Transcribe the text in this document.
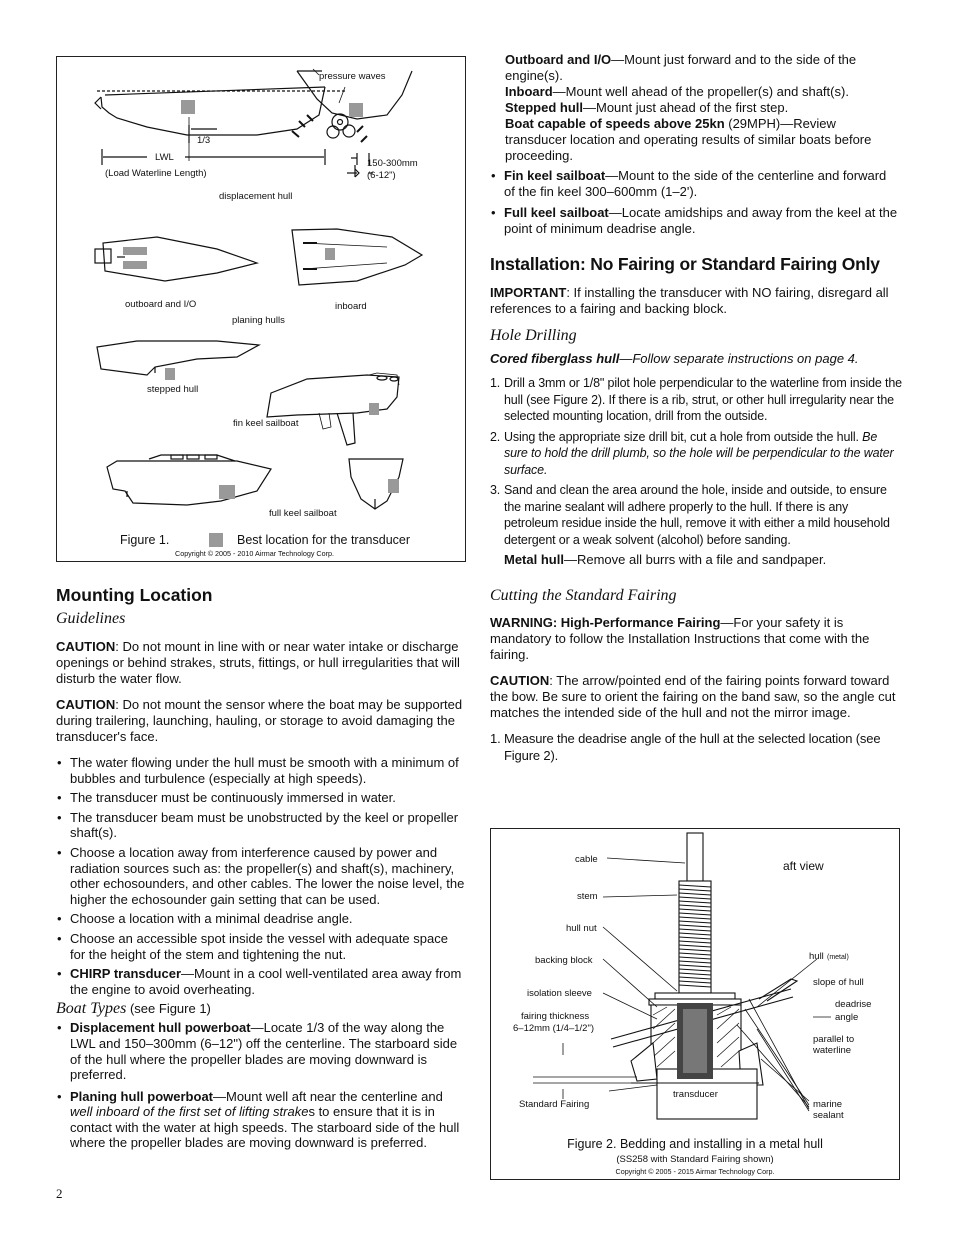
pressure waves
1/3
LWL
(Load Waterline Length)
150-300mm
(6-12")
displacement hull
outboard and I/O	inboard
planing hulls
stepped hull
fin keel sailboat
full keel sailboat
Figure 1.	Best location for the transducer
Copyright © 2005 - 2010 Airmar Technology Corp.
Mounting Location
Guidelines

CAUTION: Do not mount in line with or near water intake or discharge openings or behind strakes, struts, fittings, or hull irregularities that will disturb the water flow.

CAUTION: Do not mount the sensor where the boat may be supported during trailering, launching, hauling, or storage to avoid damaging the transducer's face.

• The water flowing under the hull must be smooth with a minimum of bubbles and turbulence (especially at high speeds).
• The transducer must be continuously immersed in water.
• The transducer beam must be unobstructed by the keel or propeller shaft(s).
• Choose a location away from interference caused by power and radiation sources such as: the propeller(s) and shaft(s), machinery, other echosounders, and other cables. The lower the noise level, the higher the echosounder gain setting that can be used.
• Choose a location with a minimal deadrise angle.
• Choose an accessible spot inside the vessel with adequate space for the height of the stem and tightening the nut.
• CHIRP transducer—Mount in a cool well-ventilated area away from the engine to avoid overheating.

Boat Types (see Figure 1)

• Displacement hull powerboat—Locate 1/3 of the way along the LWL and 150–300mm (6–12") off the centerline. The starboard side of the hull where the propeller blades are moving downward is preferred.
• Planing hull powerboat—Mount well aft near the centerline and well inboard of the first set of lifting strakes to ensure that it is in contact with the water at high speeds. The starboard side of the hull where the propeller blades are moving downward is preferred.
2

Outboard and I/O—Mount just forward and to the side of the engine(s).

Inboard—Mount well ahead of the propeller(s) and shaft(s).

Stepped hull—Mount just ahead of the first step.

Boat capable of speeds above 25kn (29MPH)—Review transducer location and operating results of similar boats before proceeding.

• Fin keel sailboat—Mount to the side of the centerline and forward of the fin keel 300–600mm (1–2').
• Full keel sailboat—Locate amidships and away from the keel at the point of minimum deadrise angle.
Installation: No Fairing or Standard Fairing Only

IMPORTANT: If installing the transducer with NO fairing, disregard all references to a fairing and backing block.

Hole Drilling

Cored fiberglass hull—Follow separate instructions on page 4.

1. Drill a 3mm or 1/8" pilot hole perpendicular to the waterline from inside the hull (see Figure 2). If there is a rib, strut, or other hull irregularity near the selected mounting location, drill from the outside.
2. Using the appropriate size drill bit, cut a hole from outside the hull. Be sure to hold the drill plumb, so the hole will be perpendicular to the water surface.
3. Sand and clean the area around the hole, inside and outside, to ensure the marine sealant will adhere properly to the hull. If there is any petroleum residue inside the hull, remove it with either a mild household detergent or a weak solvent (alcohol) before sanding.

Metal hull—Remove all burrs with a file and sandpaper.

Cutting the Standard Fairing

WARNING: High-Performance Fairing—For your safety it is mandatory to follow the Installation Instructions that come with the fairing.

CAUTION: The arrow/pointed end of the fairing points forward toward the bow. Be sure to orient the fairing on the band saw, so the angle cut matches the intended side of the hull and not the mirror image.

1. Measure the deadrise angle of the hull at the selected location (see Figure 2).
cable
stem
hull nut
backing block
isolation sleeve
fairing thickness
6–12mm (1/4–1/2")
Standard Fairing
transducer
hull (metal)
slope of hull
deadrise
angle
parallel to
waterline
marine
sealant
aft view
Figure 2. Bedding and installing in a metal hull
(SS258 with Standard Fairing shown)
Copyright © 2005 - 2015 Airmar Technology Corp.
